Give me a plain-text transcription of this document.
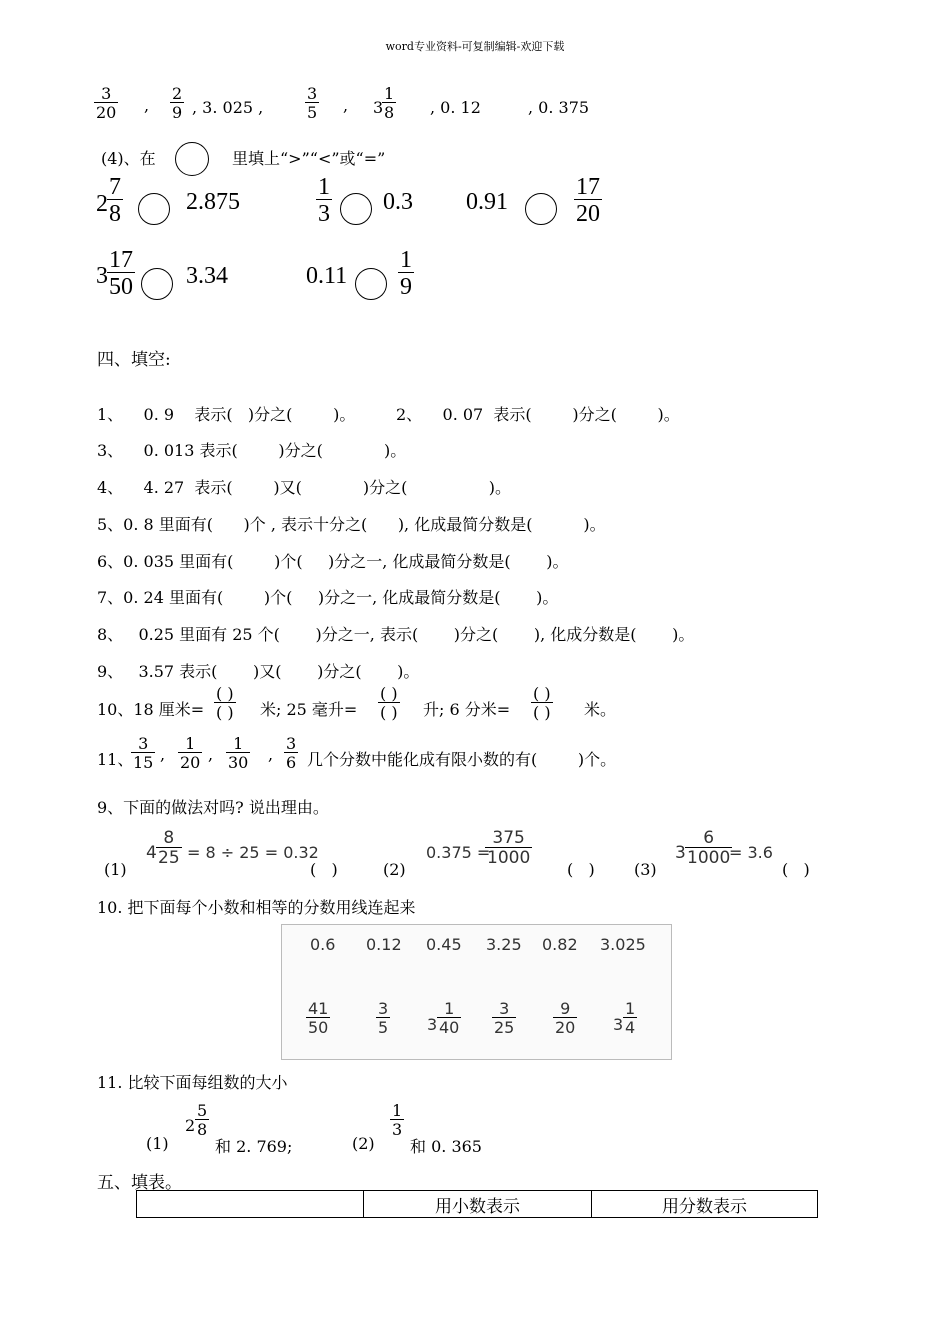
word专业资料-可复制编辑-欢迎下载
$\frac{3}{20}$ , $\frac{2}{9}$ , 3. 025 ,	$\frac{3}{5}$ , 3
$\frac{1}{8}$ , 0. 12	, 0. 375
(4)、在	里填上“>”“<”或“=”
$2 \frac{7}{8}$	2.875	$\frac{1}{3} 0.3$ 0.91	$\frac{17}{20}$
$3 \frac{17}{50} 3.34$	$0.11 \frac{1}{9}$
四、填空:
1、    0. 9    表示(   )分之(        )。        2、    0. 07  表示(        )分之(        )。
3、    0. 013 表示(        )分之(            )。
4、    4. 27  表示(        )又(            )分之(                )。
5、0. 8 里面有(      )个 , 表示十分之(      ), 化成最简分数是(          )。
6、0. 035 里面有(        )个(     )分之一, 化成最简分数是(       )。
7、0. 24 里面有(        )个(     )分之一, 化成最简分数是(       )。
8、   0.25 里面有 25 个(       )分之一, 表示(       )分之(       ), 化成分数是(       )。
9、   3.57 表示(       )又(       )分之(       )。
10、18 厘米=
( )
( ) 米; 25 毫升=
( )
( ) 升; 6 分米=
( )
( ) 米。
11、
$\frac{3}{15}$ , $\frac{1}{20}$ , $\frac{1}{30}$ , $\frac{3}{6}$ 几个分数中能化成有限小数的有(        )个。
9、下面的做法对吗? 说出理由。
(1)
$4 \frac{8}{25} = 8 \div 25 = 0.32$
(   )	(2)
0.375 =
$\frac{375}{1000}$
(   ) (3)
$3 \frac{6}{1000}$
= 3.6
(   )
10. 把下面每个小数和相等的分数用线连起来
0.6 0.12 0.45 3.25 0.82 3.025
$\frac{41}{50}$	$\frac{3}{5} 3 \frac{1}{40} \frac{3}{25} \frac{9}{20} 3 \frac{1}{4}$
11. 比较下面每组数的大小
(1)
$2 \frac{5}{8}$
和 2. 769;	(2)
$\frac{1}{3}$
和 0. 365
五、填表。
	用小数表示	用分数表示
